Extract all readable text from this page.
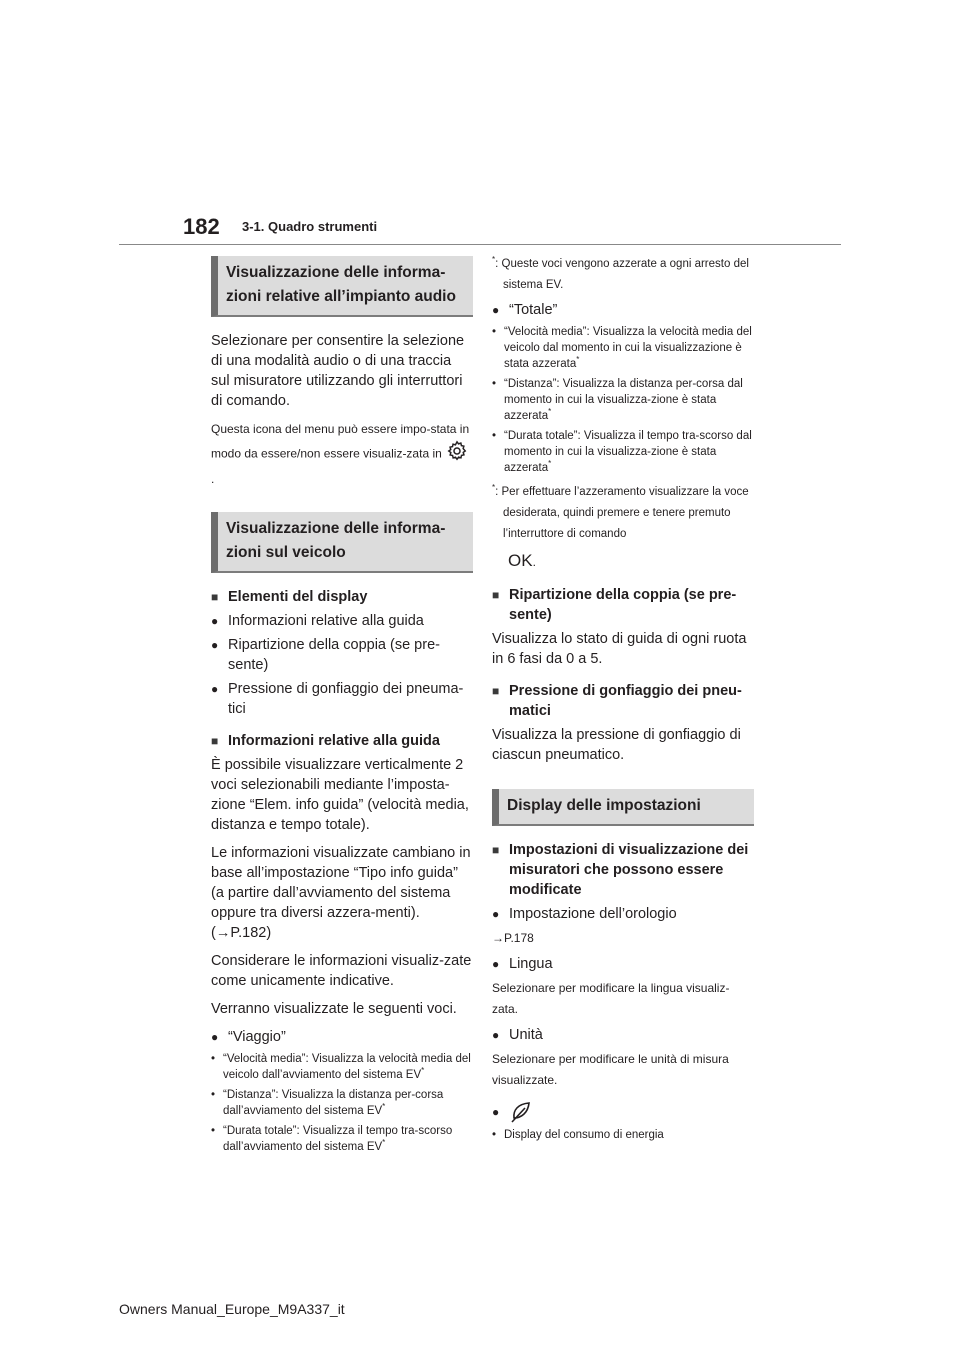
182 3-1. Quadro strumenti
Visualizzazione delle informa-zioni relative all’impianto audio

Selezionare per consentire la selezione di una modalità audio o di una traccia sul misuratore utilizzando gli interruttori di comando.

Questa icona del menu può essere impo-stata in modo da essere/non essere visualiz-zata in.

Visualizzazione delle informa-zioni sul veicolo
■ Elementi del display
● Informazioni relative alla guida
● Ripartizione della coppia (se pre-sente)
● Pressione di gonfiaggio dei pneuma-tici
■ Informazioni relative alla guida

È possibile visualizzare verticalmente 2 voci selezionabili mediante l’imposta-zione “Elem. info guida” (velocità media, distanza e tempo totale).

Le informazioni visualizzate cambiano in base all’impostazione “Tipo info guida” (a partire dall’avviamento del sistema oppure tra diversi azzera-menti). (→P.182)

Considerare le informazioni visualiz-zate come unicamente indicative.

Verranno visualizzate le seguenti voci.

● “Viaggio”
• “Velocità media”: Visualizza la velocità media del veicolo dall’avviamento del sistema EV*
• “Distanza”: Visualizza la distanza per-corsa dall’avviamento del sistema EV*
• “Durata totale”: Visualizza il tempo tra-scorso dall’avviamento del sistema EV*
*: Queste voci vengono azzerate a ogni arresto del sistema EV.
● “Totale”
• “Velocità media”: Visualizza la velocità media del veicolo dal momento in cui la visualizzazione è stata azzerata*
• “Distanza”: Visualizza la distanza per-corsa dal momento in cui la visualizza-zione è stata azzerata*
• “Durata totale”: Visualizza il tempo tra-scorso dal momento in cui la visualizza-zione è stata azzerata*
*: Per effettuare l’azzeramento visualizzare la voce desiderata, quindi premere e tenere premuto l’interruttore di comando
OK.
■ Ripartizione della coppia (se pre-sente)

Visualizza lo stato di guida di ogni ruota in 6 fasi da 0 a 5.

■ Pressione di gonfiaggio dei pneu-matici

Visualizza la pressione di gonfiaggio di ciascun pneumatico.

Display delle impostazioni
■ Impostazioni di visualizzazione dei misuratori che possono essere modificate
● Impostazione dell’orologio

→P.178

● Lingua

Selezionare per modificare la lingua visualiz-zata.

● Unità

Selezionare per modificare le unità di misura visualizzate.

●
• Display del consumo di energia
Owners Manual_Europe_M9A337_it
